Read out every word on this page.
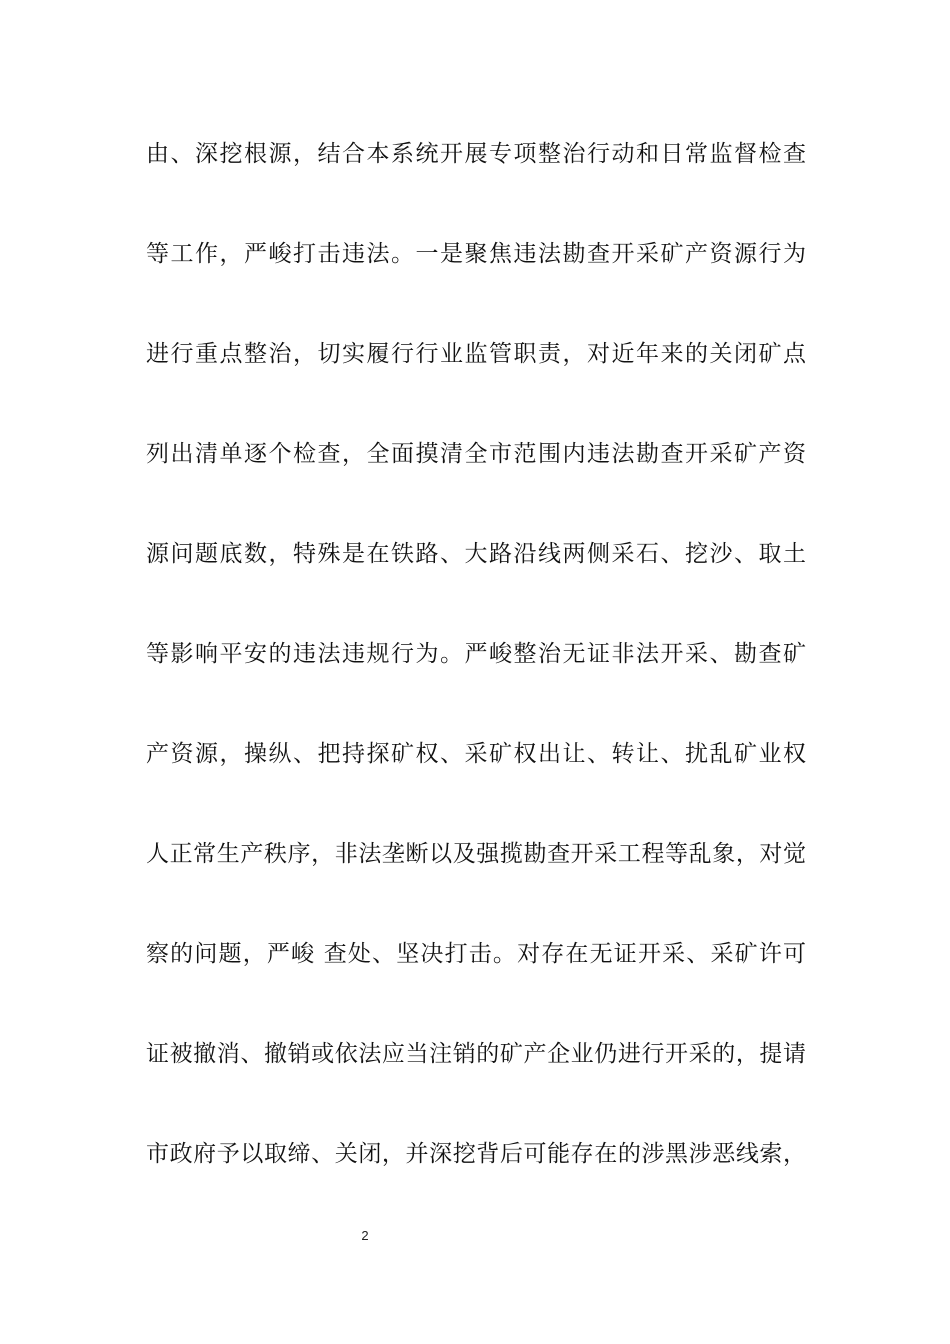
由、深挖根源，结合本系统开展专项整治行动和日常监督检查
等工作，严峻打击违法。一是聚焦违法勘查开采矿产资源行为
进行重点整治，切实履行行业监管职责，对近年来的关闭矿点
列出清单逐个检查，全面摸清全市范围内违法勘查开采矿产资
源问题底数，特殊是在铁路、大路沿线两侧采石、挖沙、取土
等影响平安的违法违规行为。严峻整治无证非法开采、勘查矿
产资源，操纵、把持探矿权、采矿权出让、转让、扰乱矿业权
人正常生产秩序，非法垄断以及强揽勘查开采工程等乱象，对觉
察的问题，严峻 查处、坚决打击。对存在无证开采、采矿许可
证被撤消、撤销或依法应当注销的矿产企业仍进行开采的，提请
市政府予以取缔、关闭，并深挖背后可能存在的涉黑涉恶线索，
2
